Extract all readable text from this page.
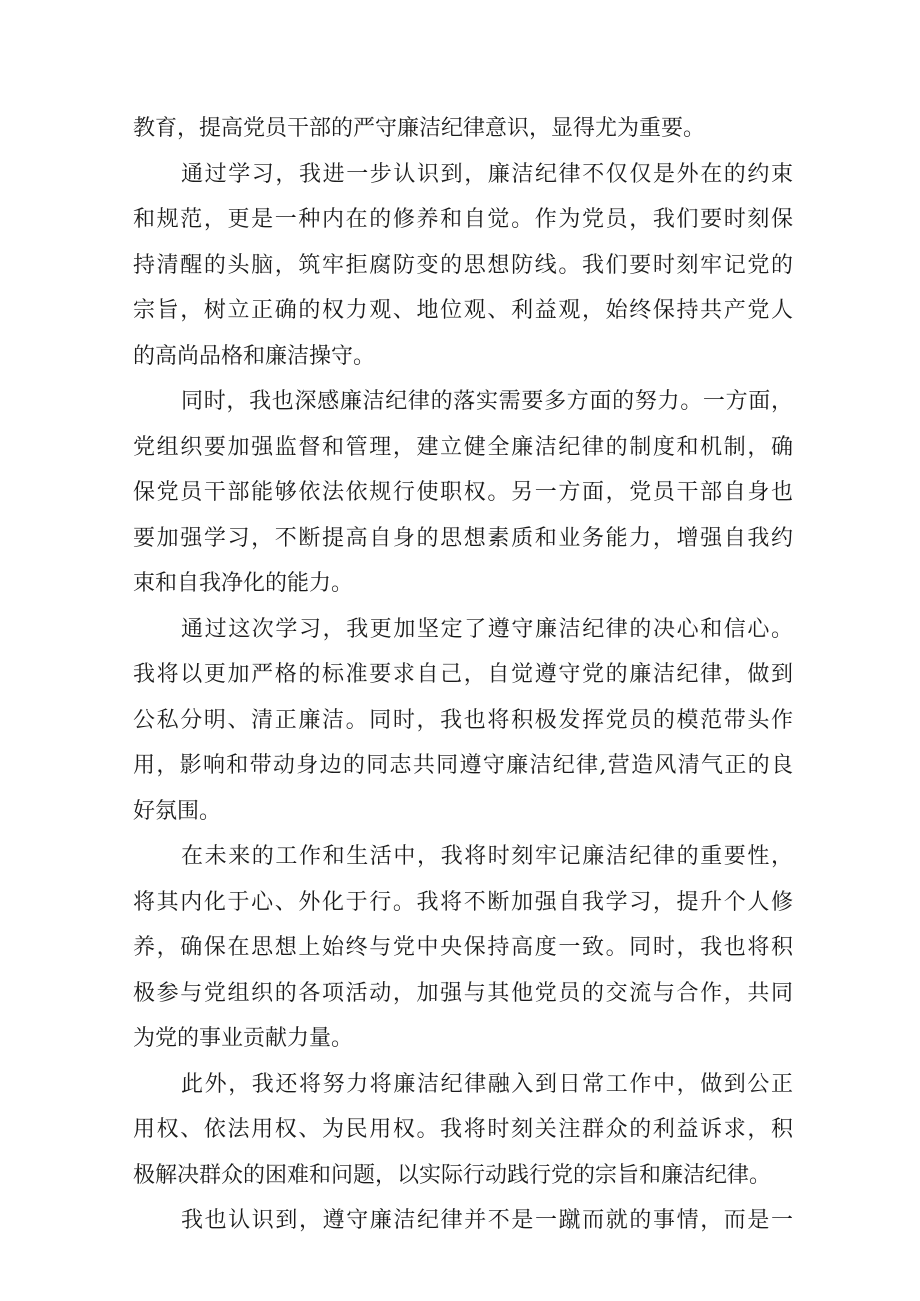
教育，提高党员干部的严守廉洁纪律意识，显得尤为重要。
通过学习，我进一步认识到，廉洁纪律不仅仅是外在的约束
和规范，更是一种内在的修养和自觉。作为党员，我们要时刻保
持清醒的头脑，筑牢拒腐防变的思想防线。我们要时刻牢记党的
宗旨，树立正确的权力观、地位观、利益观，始终保持共产党人
的高尚品格和廉洁操守。
同时，我也深感廉洁纪律的落实需要多方面的努力。一方面，
党组织要加强监督和管理，建立健全廉洁纪律的制度和机制，确
保党员干部能够依法依规行使职权。另一方面，党员干部自身也
要加强学习，不断提高自身的思想素质和业务能力，增强自我约
束和自我净化的能力。
通过这次学习，我更加坚定了遵守廉洁纪律的决心和信心。
我将以更加严格的标准要求自己，自觉遵守党的廉洁纪律，做到
公私分明、清正廉洁。同时，我也将积极发挥党员的模范带头作
用，影响和带动身边的同志共同遵守廉洁纪律,营造风清气正的良
好氛围。
在未来的工作和生活中，我将时刻牢记廉洁纪律的重要性，
将其内化于心、外化于行。我将不断加强自我学习，提升个人修
养，确保在思想上始终与党中央保持高度一致。同时，我也将积
极参与党组织的各项活动，加强与其他党员的交流与合作，共同
为党的事业贡献力量。
此外，我还将努力将廉洁纪律融入到日常工作中，做到公正
用权、依法用权、为民用权。我将时刻关注群众的利益诉求，积
极解决群众的困难和问题，以实际行动践行党的宗旨和廉洁纪律。
我也认识到，遵守廉洁纪律并不是一蹴而就的事情，而是一
